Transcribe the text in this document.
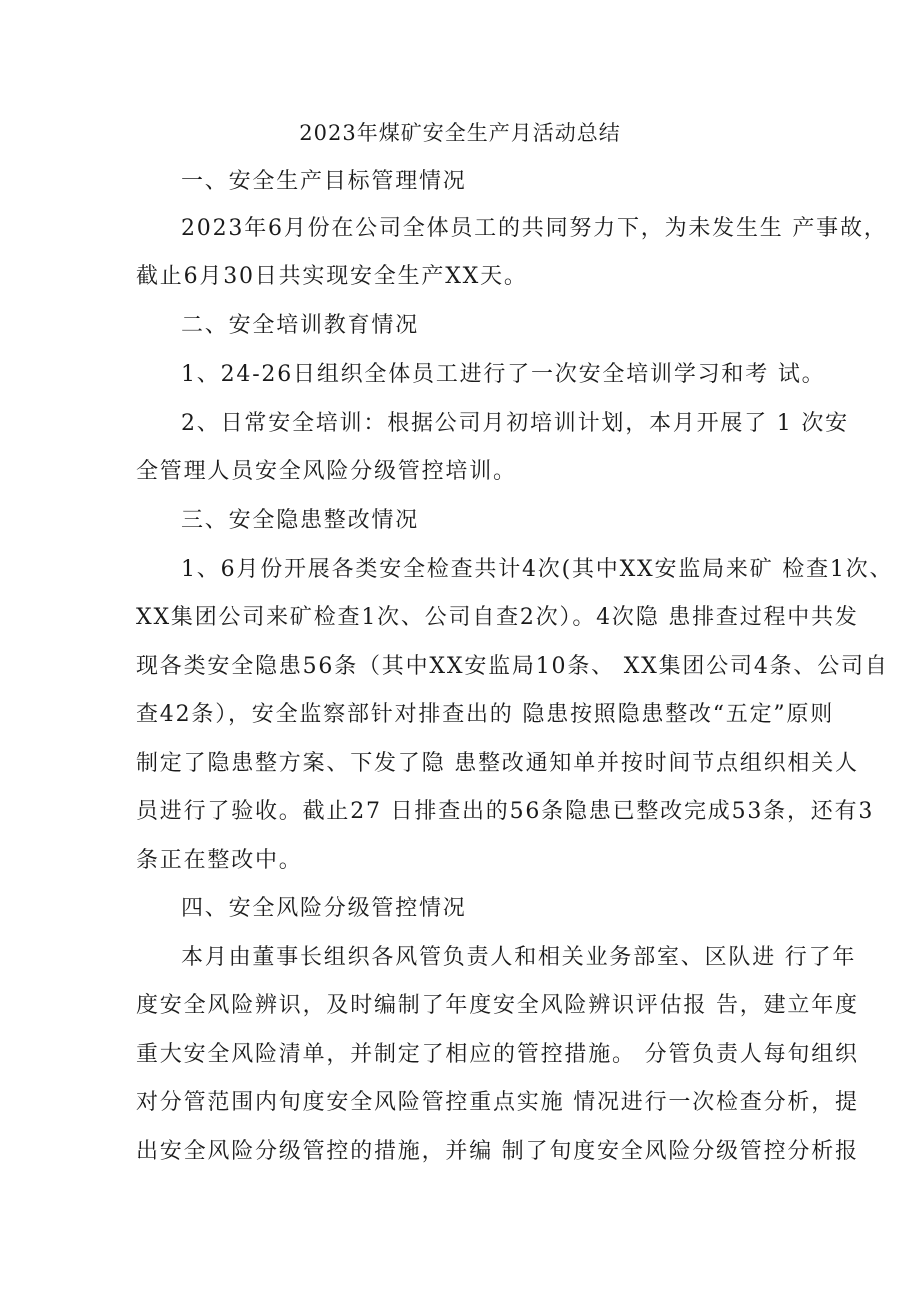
2023年煤矿安全生产月活动总结
一、安全生产目标管理情况
2023年6月份在公司全体员工的共同努力下，为未发生生 产事故，
截止6月30日共实现安全生产XX天。
二、安全培训教育情况
1、24-26日组织全体员工进行了一次安全培训学习和考 试。
2、日常安全培训：根据公司月初培训计划，本月开展了 1 次安
全管理人员安全风险分级管控培训。
三、安全隐患整改情况
1、6月份开展各类安全检查共计4次(其中XX安监局来矿 检查1次、
XX集团公司来矿检查1次、公司自查2次）。4次隐 患排查过程中共发
现各类安全隐患56条（其中XX安监局10条、 XX集团公司4条、公司自
查42条），安全监察部针对排查出的 隐患按照隐患整改“五定”原则
制定了隐患整方案、下发了隐 患整改通知单并按时间节点组织相关人
员进行了验收。截止27 日排查出的56条隐患已整改完成53条，还有3
条正在整改中。
四、安全风险分级管控情况
本月由董事长组织各风管负责人和相关业务部室、区队进 行了年
度安全风险辨识，及时编制了年度安全风险辨识评估报 告，建立年度
重大安全风险清单，并制定了相应的管控措施。 分管负责人每旬组织
对分管范围内旬度安全风险管控重点实施 情况进行一次检查分析，提
出安全风险分级管控的措施，并编 制了旬度安全风险分级管控分析报
